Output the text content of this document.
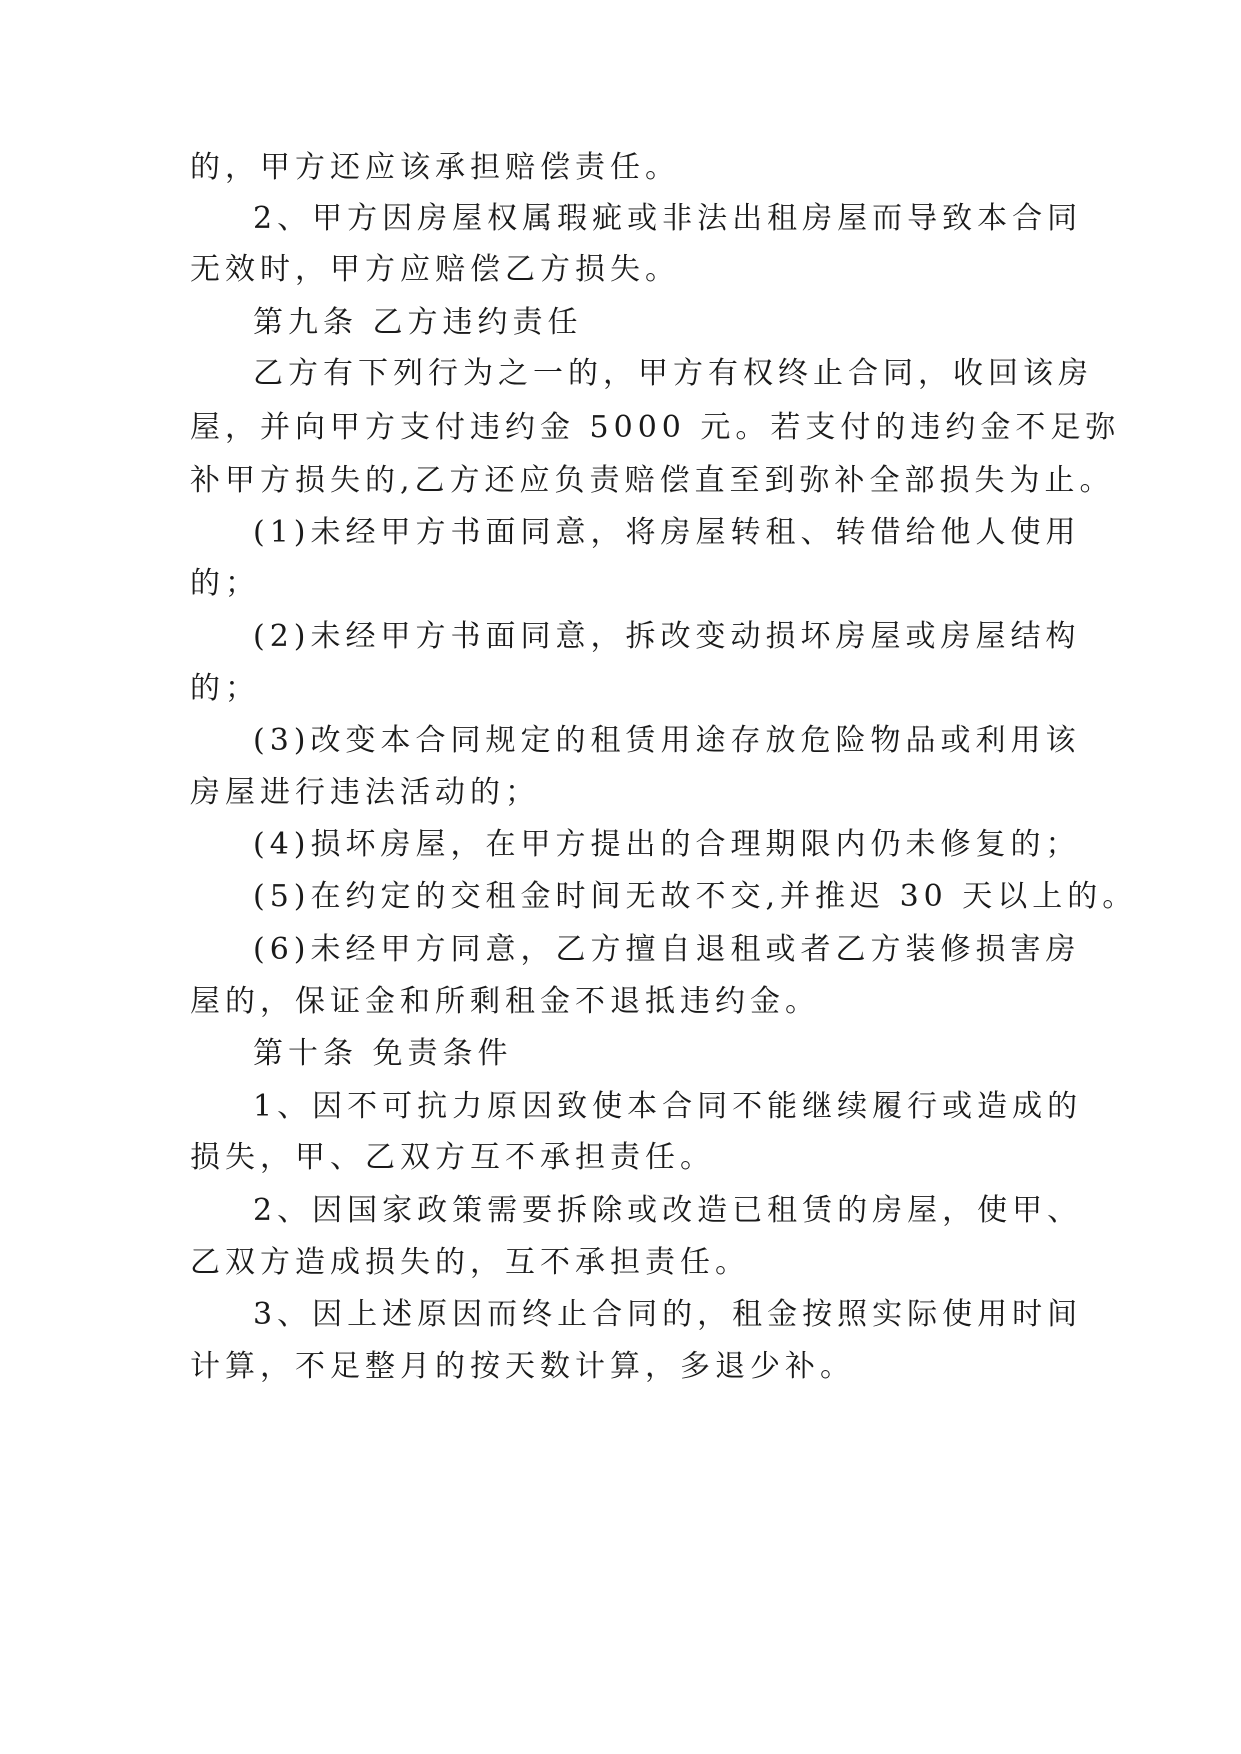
的，甲方还应该承担赔偿责任。
2、甲方因房屋权属瑕疵或非法出租房屋而导致本合同
无效时，甲方应赔偿乙方损失。
第九条 乙方违约责任
乙方有下列行为之一的，甲方有权终止合同，收回该房
屋，并向甲方支付违约金 5000 元。若支付的违约金不足弥
补甲方损失的,乙方还应负责赔偿直至到弥补全部损失为止。
(1)未经甲方书面同意，将房屋转租、转借给他人使用
的；
(2)未经甲方书面同意，拆改变动损坏房屋或房屋结构
的；
(3)改变本合同规定的租赁用途存放危险物品或利用该
房屋进行违法活动的；
(4)损坏房屋，在甲方提出的合理期限内仍未修复的；
(5)在约定的交租金时间无故不交,并推迟 30 天以上的。
(6)未经甲方同意，乙方擅自退租或者乙方装修损害房
屋的，保证金和所剩租金不退抵违约金。
第十条 免责条件
1、因不可抗力原因致使本合同不能继续履行或造成的
损失，甲、乙双方互不承担责任。
2、因国家政策需要拆除或改造已租赁的房屋，使甲、
乙双方造成损失的，互不承担责任。
3、因上述原因而终止合同的，租金按照实际使用时间
计算，不足整月的按天数计算，多退少补。
